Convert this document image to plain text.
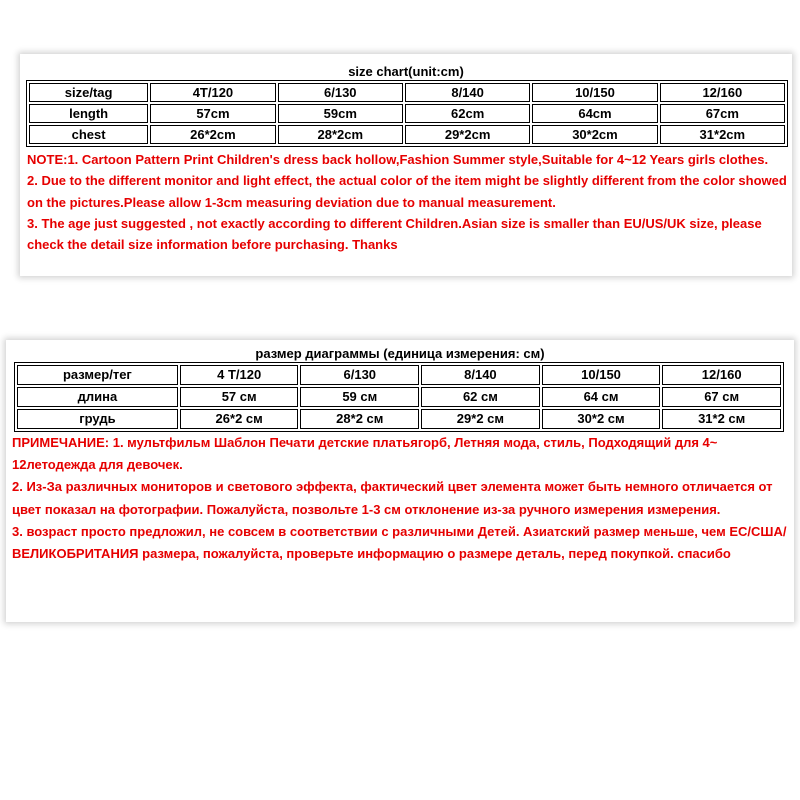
size chart(unit:cm)
size/tag	4T/120	6/130	8/140	10/150	12/160
length	57cm	59cm	62cm	64cm	67cm
chest	26*2cm	28*2cm	29*2cm	30*2cm	31*2cm

NOTE:1. Cartoon Pattern Print Children's dress back hollow,Fashion Summer style,Suitable for 4~12 Years girls clothes.

2. Due to the different monitor and light effect, the actual color of the item might be slightly different from the color showed on the pictures.Please allow 1-3cm measuring deviation due to manual measurement.

3. The age just suggested , not exactly according to different Children.Asian size is smaller than EU/US/UK size, please check the detail size information before purchasing. Thanks

размер диаграммы (единица измерения: см)
размер/тег	4 T/120	6/130	8/140	10/150	12/160
длина	57 см	59 см	62 см	64 см	67 см
грудь	26*2 см	28*2 см	29*2 см	30*2 см	31*2 см

ПРИМЕЧАНИЕ: 1. мультфильм Шаблон Печати детские платьягорб, Летняя мода, стиль, Подходящий для 4~ 12летодежда для девочек.

2. Из-За различных мониторов и светового эффекта, фактический цвет элемента может быть немного отличается от цвет показал на фотографии. Пожалуйста, позвольте 1-3 см отклонение из-за ручного измерения измерения.

3. возраст просто предложил, не совсем в соответствии с различными Детей. Азиатский размер меньше, чем ЕС/США/ВЕЛИКОБРИТАНИЯ размера, пожалуйста, проверьте информацию о размере деталь, перед покупкой. спасибо
